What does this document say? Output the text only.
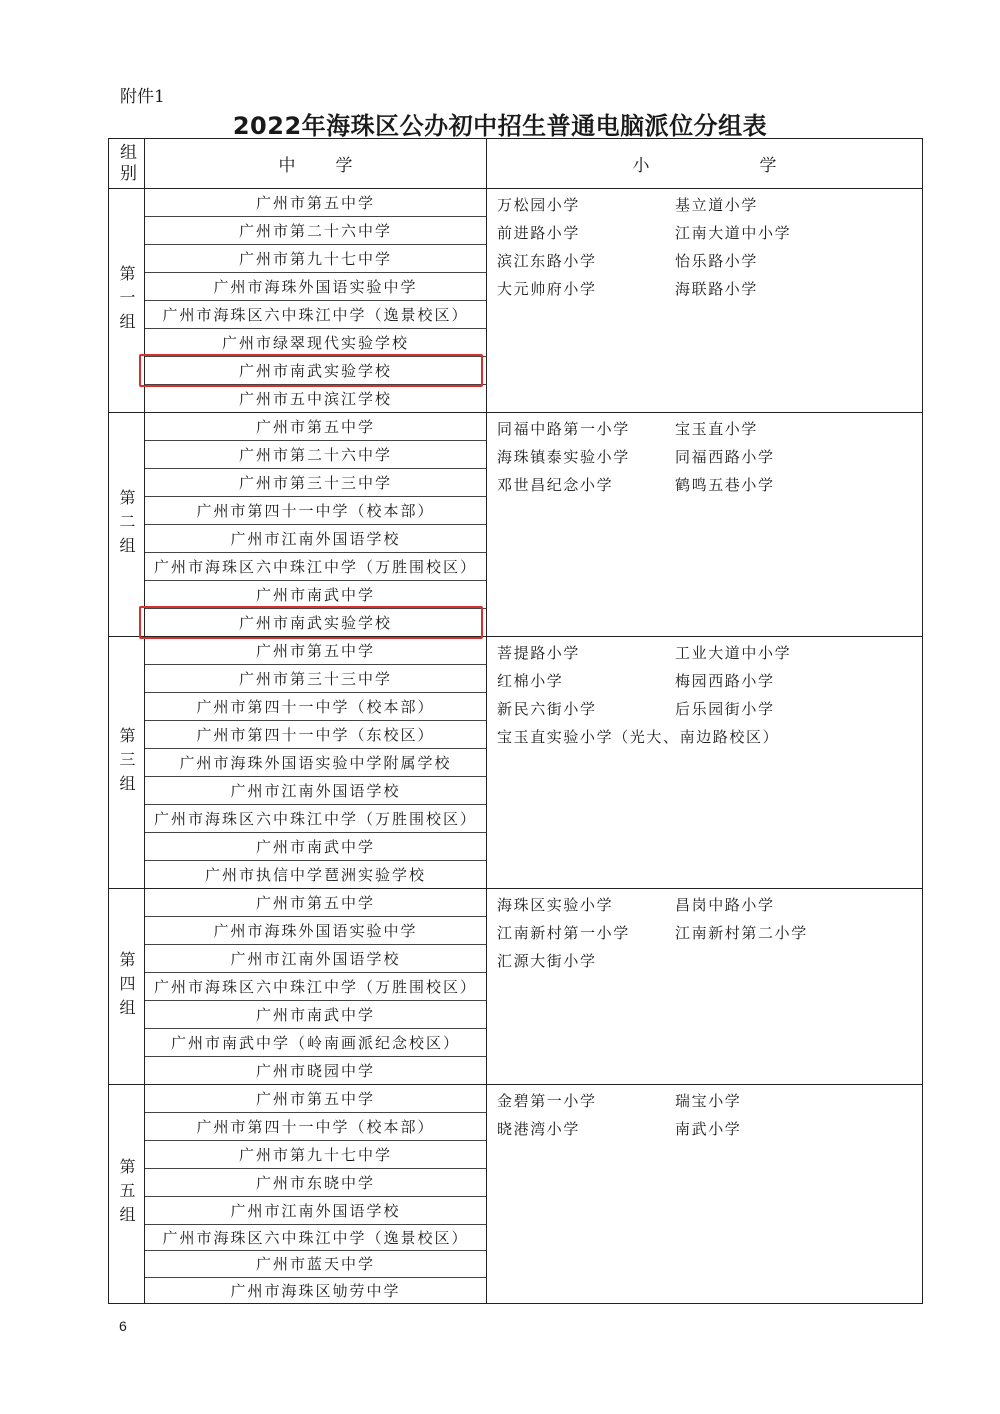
附件1
2022年海珠区公办初中招生普通电脑派位分组表
组别	中学	小学
第一组
广州市第五中学
广州市第二十六中学
广州市第九十七中学
广州市海珠外国语实验中学
广州市海珠区六中珠江中学（逸景校区）
广州市绿翠现代实验学校
广州市南武实验学校
广州市五中滨江学校
万松园小学	基立道小学
前进路小学	江南大道中小学
滨江东路小学	怡乐路小学
大元帅府小学	海联路小学
第二组
广州市第五中学
广州市第二十六中学
广州市第三十三中学
广州市第四十一中学（校本部）
广州市江南外国语学校
广州市海珠区六中珠江中学（万胜围校区）
广州市南武中学
广州市南武实验学校
同福中路第一小学	宝玉直小学
海珠镇泰实验小学	同福西路小学
邓世昌纪念小学	鹤鸣五巷小学
第三组
广州市第五中学
广州市第三十三中学
广州市第四十一中学（校本部）
广州市第四十一中学（东校区）
广州市海珠外国语实验中学附属学校
广州市江南外国语学校
广州市海珠区六中珠江中学（万胜围校区）
广州市南武中学
广州市执信中学琶洲实验学校
菩提路小学	工业大道中小学
红棉小学	梅园西路小学
新民六街小学	后乐园街小学
宝玉直实验小学（光大、南边路校区）
第四组
广州市第五中学
广州市海珠外国语实验中学
广州市江南外国语学校
广州市海珠区六中珠江中学（万胜围校区）
广州市南武中学
广州市南武中学（岭南画派纪念校区）
广州市晓园中学
海珠区实验小学	昌岗中路小学
江南新村第一小学	江南新村第二小学
汇源大街小学
第五组
广州市第五中学
广州市第四十一中学（校本部）
广州市第九十七中学
广州市东晓中学
广州市江南外国语学校
广州市海珠区六中珠江中学（逸景校区）
广州市蓝天中学
广州市海珠区劬劳中学
金碧第一小学	瑞宝小学
晓港湾小学	南武小学
6
